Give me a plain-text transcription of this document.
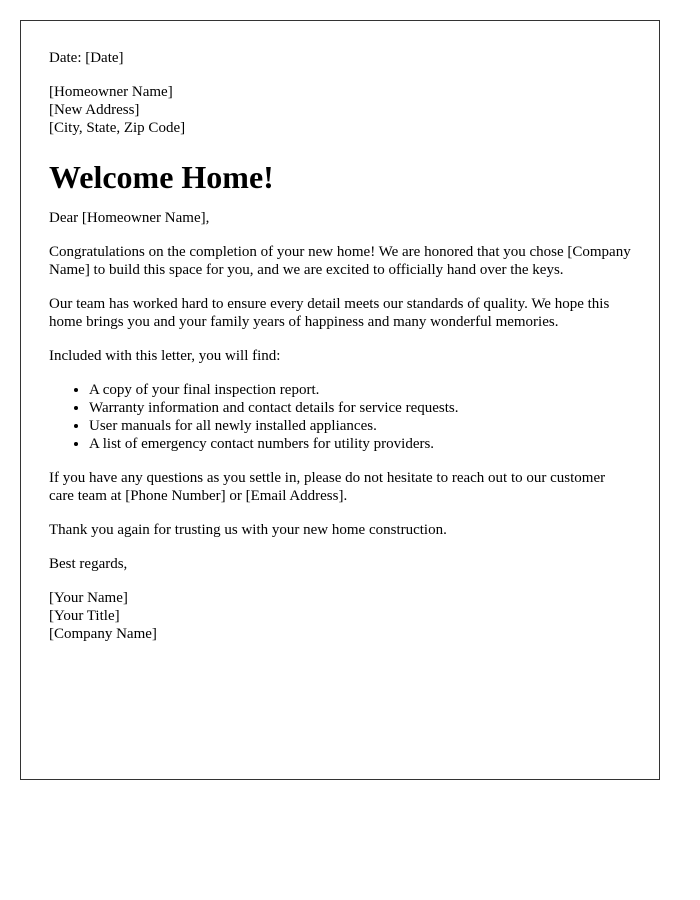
Date: [Date]

[Homeowner Name]
[New Address]
[City, State, Zip Code]
Welcome Home!

Dear [Homeowner Name],

Congratulations on the completion of your new home! We are honored that you chose [Company Name] to build this space for you, and we are excited to officially hand over the keys.

Our team has worked hard to ensure every detail meets our standards of quality. We hope this home brings you and your family years of happiness and many wonderful memories.

Included with this letter, you will find:

• A copy of your final inspection report.
• Warranty information and contact details for service requests.
• User manuals for all newly installed appliances.
• A list of emergency contact numbers for utility providers.

If you have any questions as you settle in, please do not hesitate to reach out to our customer care team at [Phone Number] or [Email Address].

Thank you again for trusting us with your new home construction.

Best regards,

[Your Name]
[Your Title]
[Company Name]
